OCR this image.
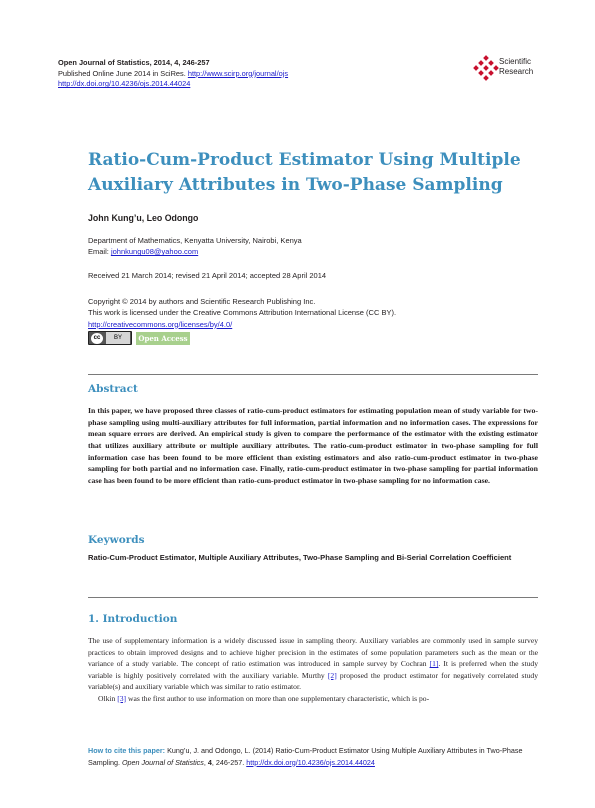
Open Journal of Statistics, 2014, 4, 246-257
Published Online June 2014 in SciRes. http://www.scirp.org/journal/ojs
http://dx.doi.org/10.4236/ojs.2014.44024
Scientific
Research
Ratio-Cum-Product Estimator Using Multiple Auxiliary Attributes in Two-Phase Sampling
John Kung’u, Leo Odongo
Department of Mathematics, Kenyatta University, Nairobi, Kenya
Email: johnkungu08@yahoo.com
Received 21 March 2014; revised 21 April 2014; accepted 28 April 2014
Copyright © 2014 by authors and Scientific Research Publishing Inc.
This work is licensed under the Creative Commons Attribution International License (CC BY).
http://creativecommons.org/licenses/by/4.0/
cc	BY	Open Access
Abstract
In this paper, we have proposed three classes of ratio-cum-product estimators for estimating population mean of study variable for two-phase sampling using multi-auxiliary attributes for full information, partial information and no information cases. The expressions for mean square errors are derived. An empirical study is given to compare the performance of the estimator with the existing estimator that utilizes auxiliary attribute or multiple auxiliary attributes. The ratio-cum-product estimator in two-phase sampling for full information case has been found to be more efficient than existing estimators and also ratio-cum-product estimator in two-phase sampling for both partial and no information case. Finally, ratio-cum-product estimator in two-phase sampling for partial information case has been found to be more efficient than ratio-cum-product estimator in two-phase sampling for no information case.
Keywords
Ratio-Cum-Product Estimator, Multiple Auxiliary Attributes, Two-Phase Sampling and Bi-Serial Correlation Coefficient
1. Introduction

The use of supplementary information is a widely discussed issue in sampling theory. Auxiliary variables are commonly used in sample survey practices to obtain improved designs and to achieve higher precision in the estimates of some population parameters such as the mean or the variance of a study variable. The concept of ratio estimation was introduced in sample survey by Cochran [1]. It is preferred when the study variable is highly positively correlated with the auxiliary variable. Murthy [2] proposed the product estimator for negatively correlated study variable(s) and auxiliary variable which was similar to ratio estimator.

Olkin [3] was the first author to use information on more than one supplementary characteristic, which is po-

How to cite this paper: Kung’u, J. and Odongo, L. (2014) Ratio-Cum-Product Estimator Using Multiple Auxiliary Attributes in Two-Phase Sampling. Open Journal of Statistics, 4, 246-257. http://dx.doi.org/10.4236/ojs.2014.44024
